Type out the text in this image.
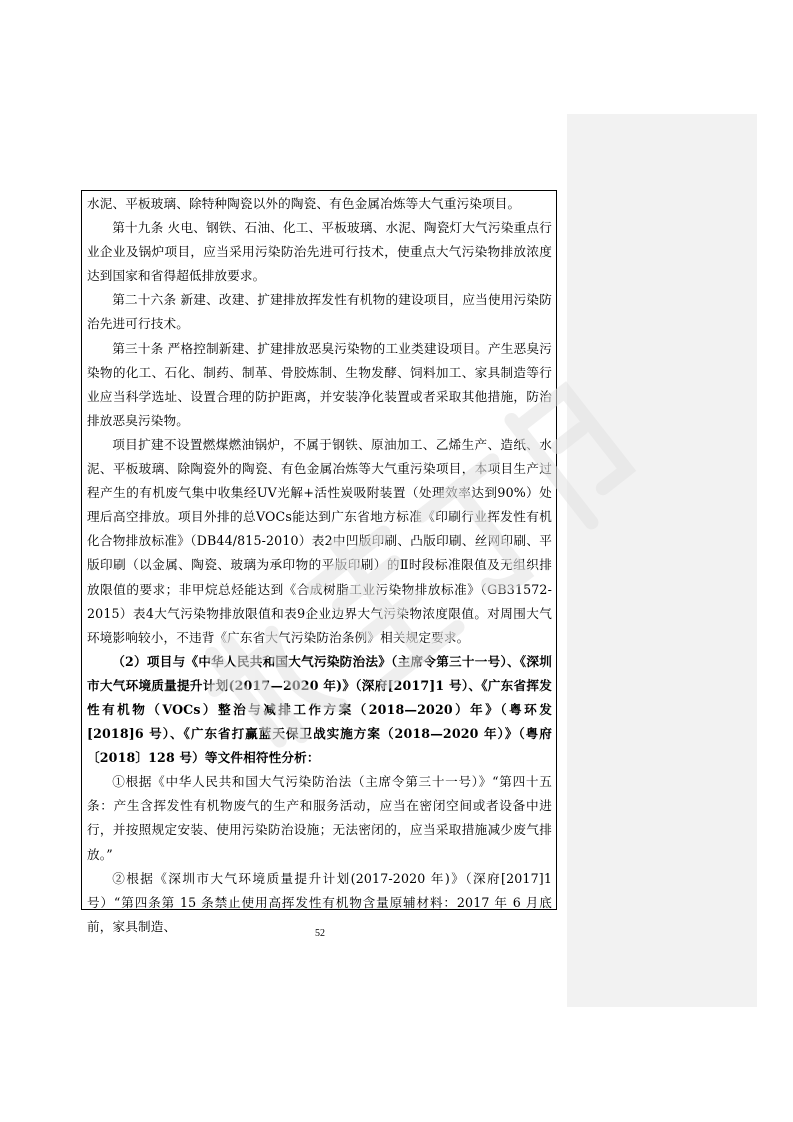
水泥、平板玻璃、除特种陶瓷以外的陶瓷、有色金属冶炼等大气重污染项目。

第十九条 火电、钢铁、石油、化工、平板玻璃、水泥、陶瓷灯大气污染重点行业企业及锅炉项目，应当采用污染防治先进可行技术，使重点大气污染物排放浓度达到国家和省得超低排放要求。

第二十六条 新建、改建、扩建排放挥发性有机物的建设项目，应当使用污染防治先进可行技术。

第三十条 严格控制新建、扩建排放恶臭污染物的工业类建设项目。产生恶臭污染物的化工、石化、制药、制革、骨胶炼制、生物发酵、饲料加工、家具制造等行业应当科学选址、设置合理的防护距离，并安装净化装置或者采取其他措施，防治排放恶臭污染物。

项目扩建不设置燃煤燃油锅炉，不属于钢铁、原油加工、乙烯生产、造纸、水泥、平板玻璃、除陶瓷外的陶瓷、有色金属冶炼等大气重污染项目，本项目生产过程产生的有机废气集中收集经UV光解+活性炭吸附装置（处理效率达到90%）处理后高空排放。项目外排的总VOCs能达到广东省地方标准《印刷行业挥发性有机化合物排放标准》（DB44/815-2010）表2中凹版印刷、凸版印刷、丝网印刷、平版印刷（以金属、陶瓷、玻璃为承印物的平版印刷）的Ⅱ时段标准限值及无组织排放限值的要求；非甲烷总烃能达到《合成树脂工业污染物排放标准》（GB31572-2015）表4大气污染物排放限值和表9企业边界大气污染物浓度限值。对周围大气环境影响较小，不违背《广东省大气污染防治条例》相关规定要求。

（2）项目与《中华人民共和国大气污染防治法》（主席令第三十一号）、《深圳市大气环境质量提升计划(2017—2020 年)》（深府[2017]1 号）、《广东省挥发性有机物（VOCs）整治与减排工作方案（2018—2020）年》（粤环发[2018]6 号）、《广东省打赢蓝天保卫战实施方案（2018—2020 年）》（粤府〔2018〕128 号）等文件相符性分析：

①根据《中华人民共和国大气污染防治法（主席令第三十一号）》“第四十五条：产生含挥发性有机物废气的生产和服务活动，应当在密闭空间或者设备中进行，并按照规定安装、使用污染防治设施；无法密闭的，应当采取措施减少废气排放。”

②根据《深圳市大气环境质量提升计划(2017-2020 年)》（深府[2017]1 号）“第四条第 15 条禁止使用高挥发性有机物含量原辅材料：2017 年 6 月底前，家具制造、	52
